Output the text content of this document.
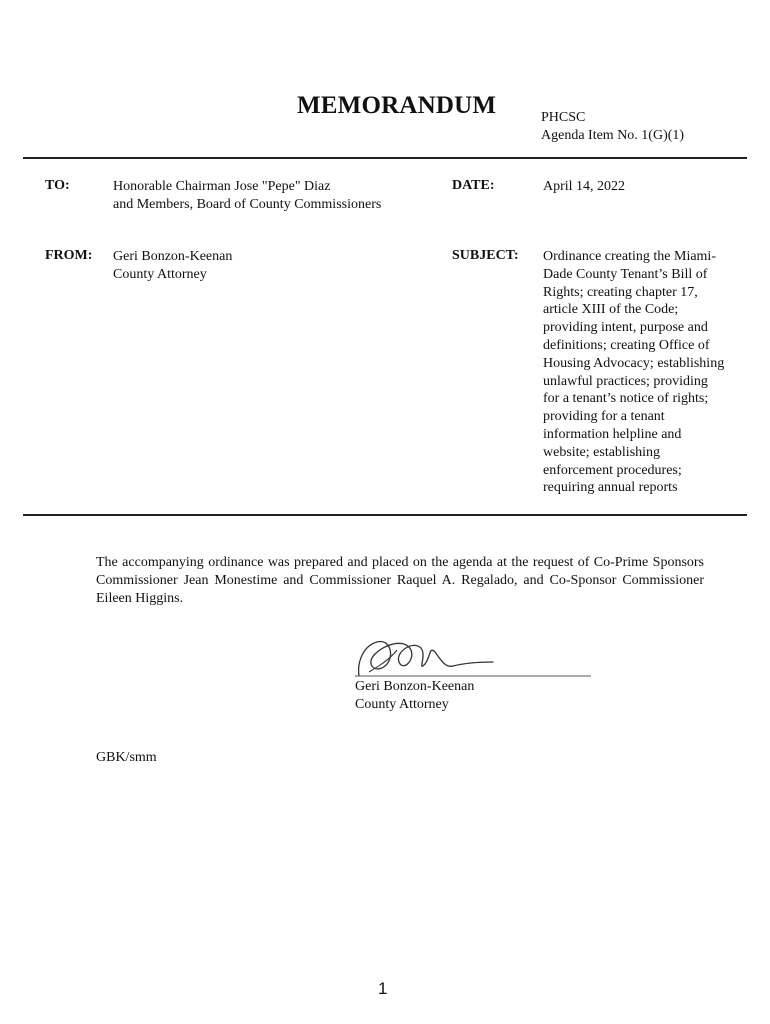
MEMORANDUM	PHCSC
Agenda Item No. 1(G)(1)
TO:	Honorable Chairman Jose "Pepe" Diaz
and Members, Board of County Commissioners
DATE:	April 14, 2022
FROM: Geri Bonzon-Keenan
County Attorney
SUBJECT: Ordinance creating the Miami-
Dade County Tenant’s Bill of
Rights; creating chapter 17,
article XIII of the Code;
providing intent, purpose and
definitions; creating Office of
Housing Advocacy; establishing
unlawful practices; providing
for a tenant’s notice of rights;
providing for a tenant
information helpline and
website; establishing
enforcement procedures;
requiring annual reports
The accompanying ordinance was prepared and placed on the agenda at the request of Co-Prime Sponsors Commissioner Jean Monestime and Commissioner Raquel A. Regalado, and Co-Sponsor Commissioner Eileen Higgins.
Geri Bonzon-Keenan
County Attorney
GBK/smm
1
